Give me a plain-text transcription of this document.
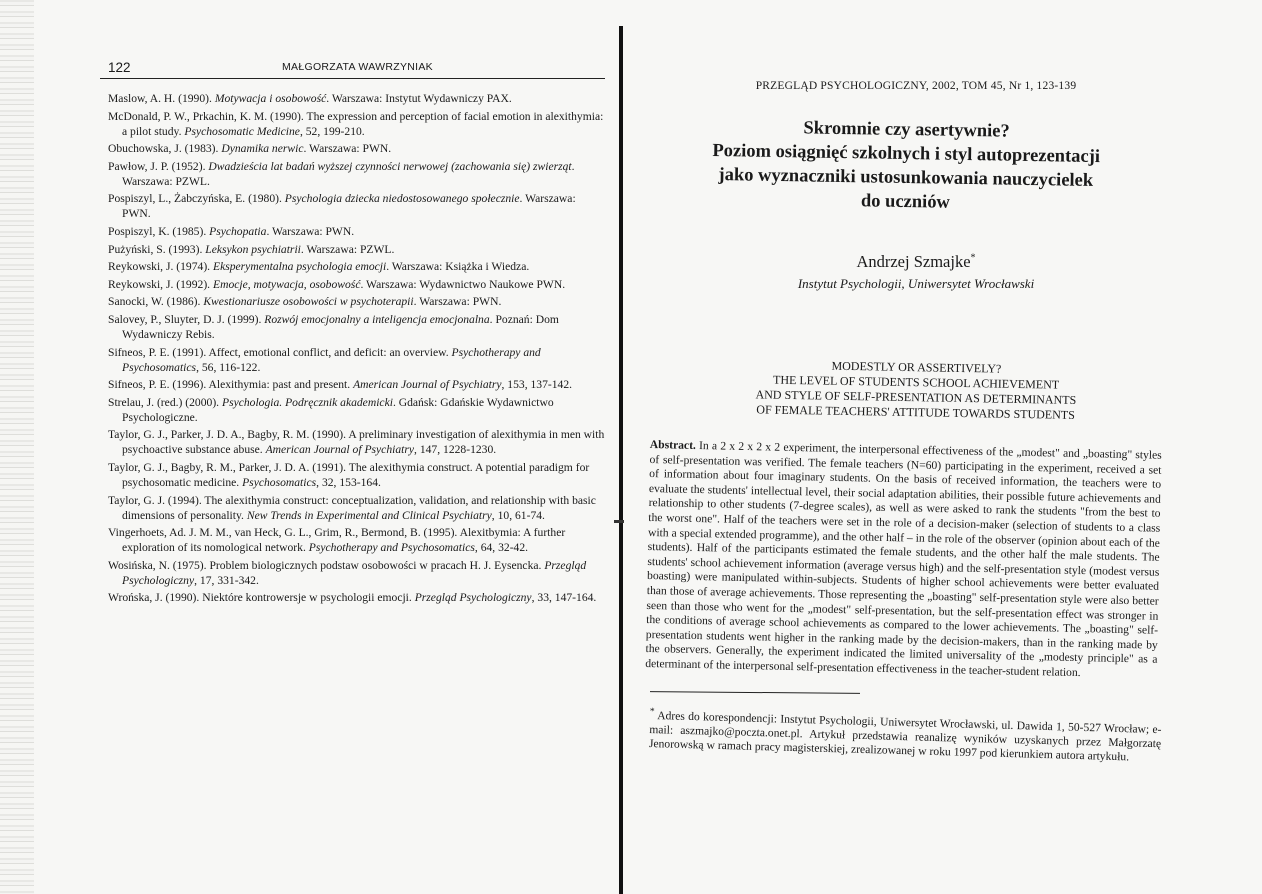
122	MAŁGORZATA WAWRZYNIAK
Maslow, A. H. (1990). Motywacja i osobowość. Warszawa: Instytut Wydawniczy PAX.
McDonald, P. W., Prkachin, K. M. (1990). The expression and perception of facial emotion in alexithymia: a pilot study. Psychosomatic Medicine, 52, 199-210.
Obuchowska, J. (1983). Dynamika nerwic. Warszawa: PWN.
Pawłow, J. P. (1952). Dwadzieścia lat badań wyższej czynności nerwowej (zachowania się) zwierząt. Warszawa: PZWL.
Pospiszyl, L., Żabczyńska, E. (1980). Psychologia dziecka niedostosowanego społecznie. Warszawa: PWN.
Pospiszyl, K. (1985). Psychopatia. Warszawa: PWN.
Pużyński, S. (1993). Leksykon psychiatrii. Warszawa: PZWL.
Reykowski, J. (1974). Eksperymentalna psychologia emocji. Warszawa: Książka i Wiedza.
Reykowski, J. (1992). Emocje, motywacja, osobowość. Warszawa: Wydawnictwo Naukowe PWN.
Sanocki, W. (1986). Kwestionariusze osobowości w psychoterapii. Warszawa: PWN.
Salovey, P., Sluyter, D. J. (1999). Rozwój emocjonalny a inteligencja emocjonalna. Poznań: Dom Wydawniczy Rebis.
Sifneos, P. E. (1991). Affect, emotional conflict, and deficit: an overview. Psychotherapy and Psychosomatics, 56, 116-122.
Sifneos, P. E. (1996). Alexithymia: past and present. American Journal of Psychiatry, 153, 137-142.
Strelau, J. (red.) (2000). Psychologia. Podręcznik akademicki. Gdańsk: Gdańskie Wydawnictwo Psychologiczne.
Taylor, G. J., Parker, J. D. A., Bagby, R. M. (1990). A preliminary investigation of alexithymia in men with psychoactive substance abuse. American Journal of Psychiatry, 147, 1228-1230.
Taylor, G. J., Bagby, R. M., Parker, J. D. A. (1991). The alexithymia construct. A potential paradigm for psychosomatic medicine. Psychosomatics, 32, 153-164.
Taylor, G. J. (1994). The alexithymia construct: conceptualization, validation, and relationship with basic dimensions of personality. New Trends in Experimental and Clinical Psychiatry, 10, 61-74.
Vingerhoets, Ad. J. M. M., van Heck, G. L., Grim, R., Bermond, B. (1995). Alexitbymia: A further exploration of its nomological network. Psychotherapy and Psychosomatics, 64, 32-42.
Wosińska, N. (1975). Problem biologicznych podstaw osobowości w pracach H. J. Eysencka. Przegląd Psychologiczny, 17, 331-342.
Wrońska, J. (1990). Niektóre kontrowersje w psychologii emocji. Przegląd Psychologiczny, 33, 147-164.
PRZEGLĄD PSYCHOLOGICZNY, 2002, TOM 45, Nr 1, 123-139
Skromnie czy asertywnie?
Poziom osiągnięć szkolnych i styl autoprezentacji
jako wyznaczniki ustosunkowania nauczycielek
do uczniów
Andrzej Szmajke*
Instytut Psychologii, Uniwersytet Wrocławski
MODESTLY OR ASSERTIVELY?
THE LEVEL OF STUDENTS SCHOOL ACHIEVEMENT
AND STYLE OF SELF-PRESENTATION AS DETERMINANTS
OF FEMALE TEACHERS' ATTITUDE TOWARDS STUDENTS
Abstract. In a 2 x 2 x 2 x 2 experiment, the interpersonal effectiveness of the „modest" and „boasting" styles of self-presentation was verified. The female teachers (N=60) participating in the experiment, received a set of information about four imaginary students. On the basis of received information, the teachers were to evaluate the students' intellectual level, their social adaptation abilities, their possible future achievements and relationship to other students (7-degree scales), as well as were asked to rank the students "from the best to the worst one". Half of the teachers were set in the role of a decision-maker (selection of students to a class with a special extended programme), and the other half – in the role of the observer (opinion about each of the students). Half of the participants estimated the female students, and the other half the male students. The students' school achievement information (average versus high) and the self-presentation style (modest versus boasting) were manipulated within-subjects. Students of higher school achievements were better evaluated than those of average achievements. Those representing the „boasting" self-presentation style were also better seen than those who went for the „modest" self-presentation, but the self-presentation effect was stronger in the conditions of average school achievements as compared to the lower achievements. The „boasting" self-presentation students went higher in the ranking made by the decision-makers, than in the ranking made by the observers. Generally, the experiment indicated the limited universality of the „modesty principle" as a determinant of the interpersonal self-presentation effectiveness in the teacher-student relation.
* Adres do korespondencji: Instytut Psychologii, Uniwersytet Wrocławski, ul. Dawida 1, 50-527 Wrocław; e-mail: aszmajko@poczta.onet.pl. Artykuł przedstawia reanalizę wyników uzyskanych przez Małgorzatę Jenorowską w ramach pracy magisterskiej, zrealizowanej w roku 1997 pod kierunkiem autora artykułu.
